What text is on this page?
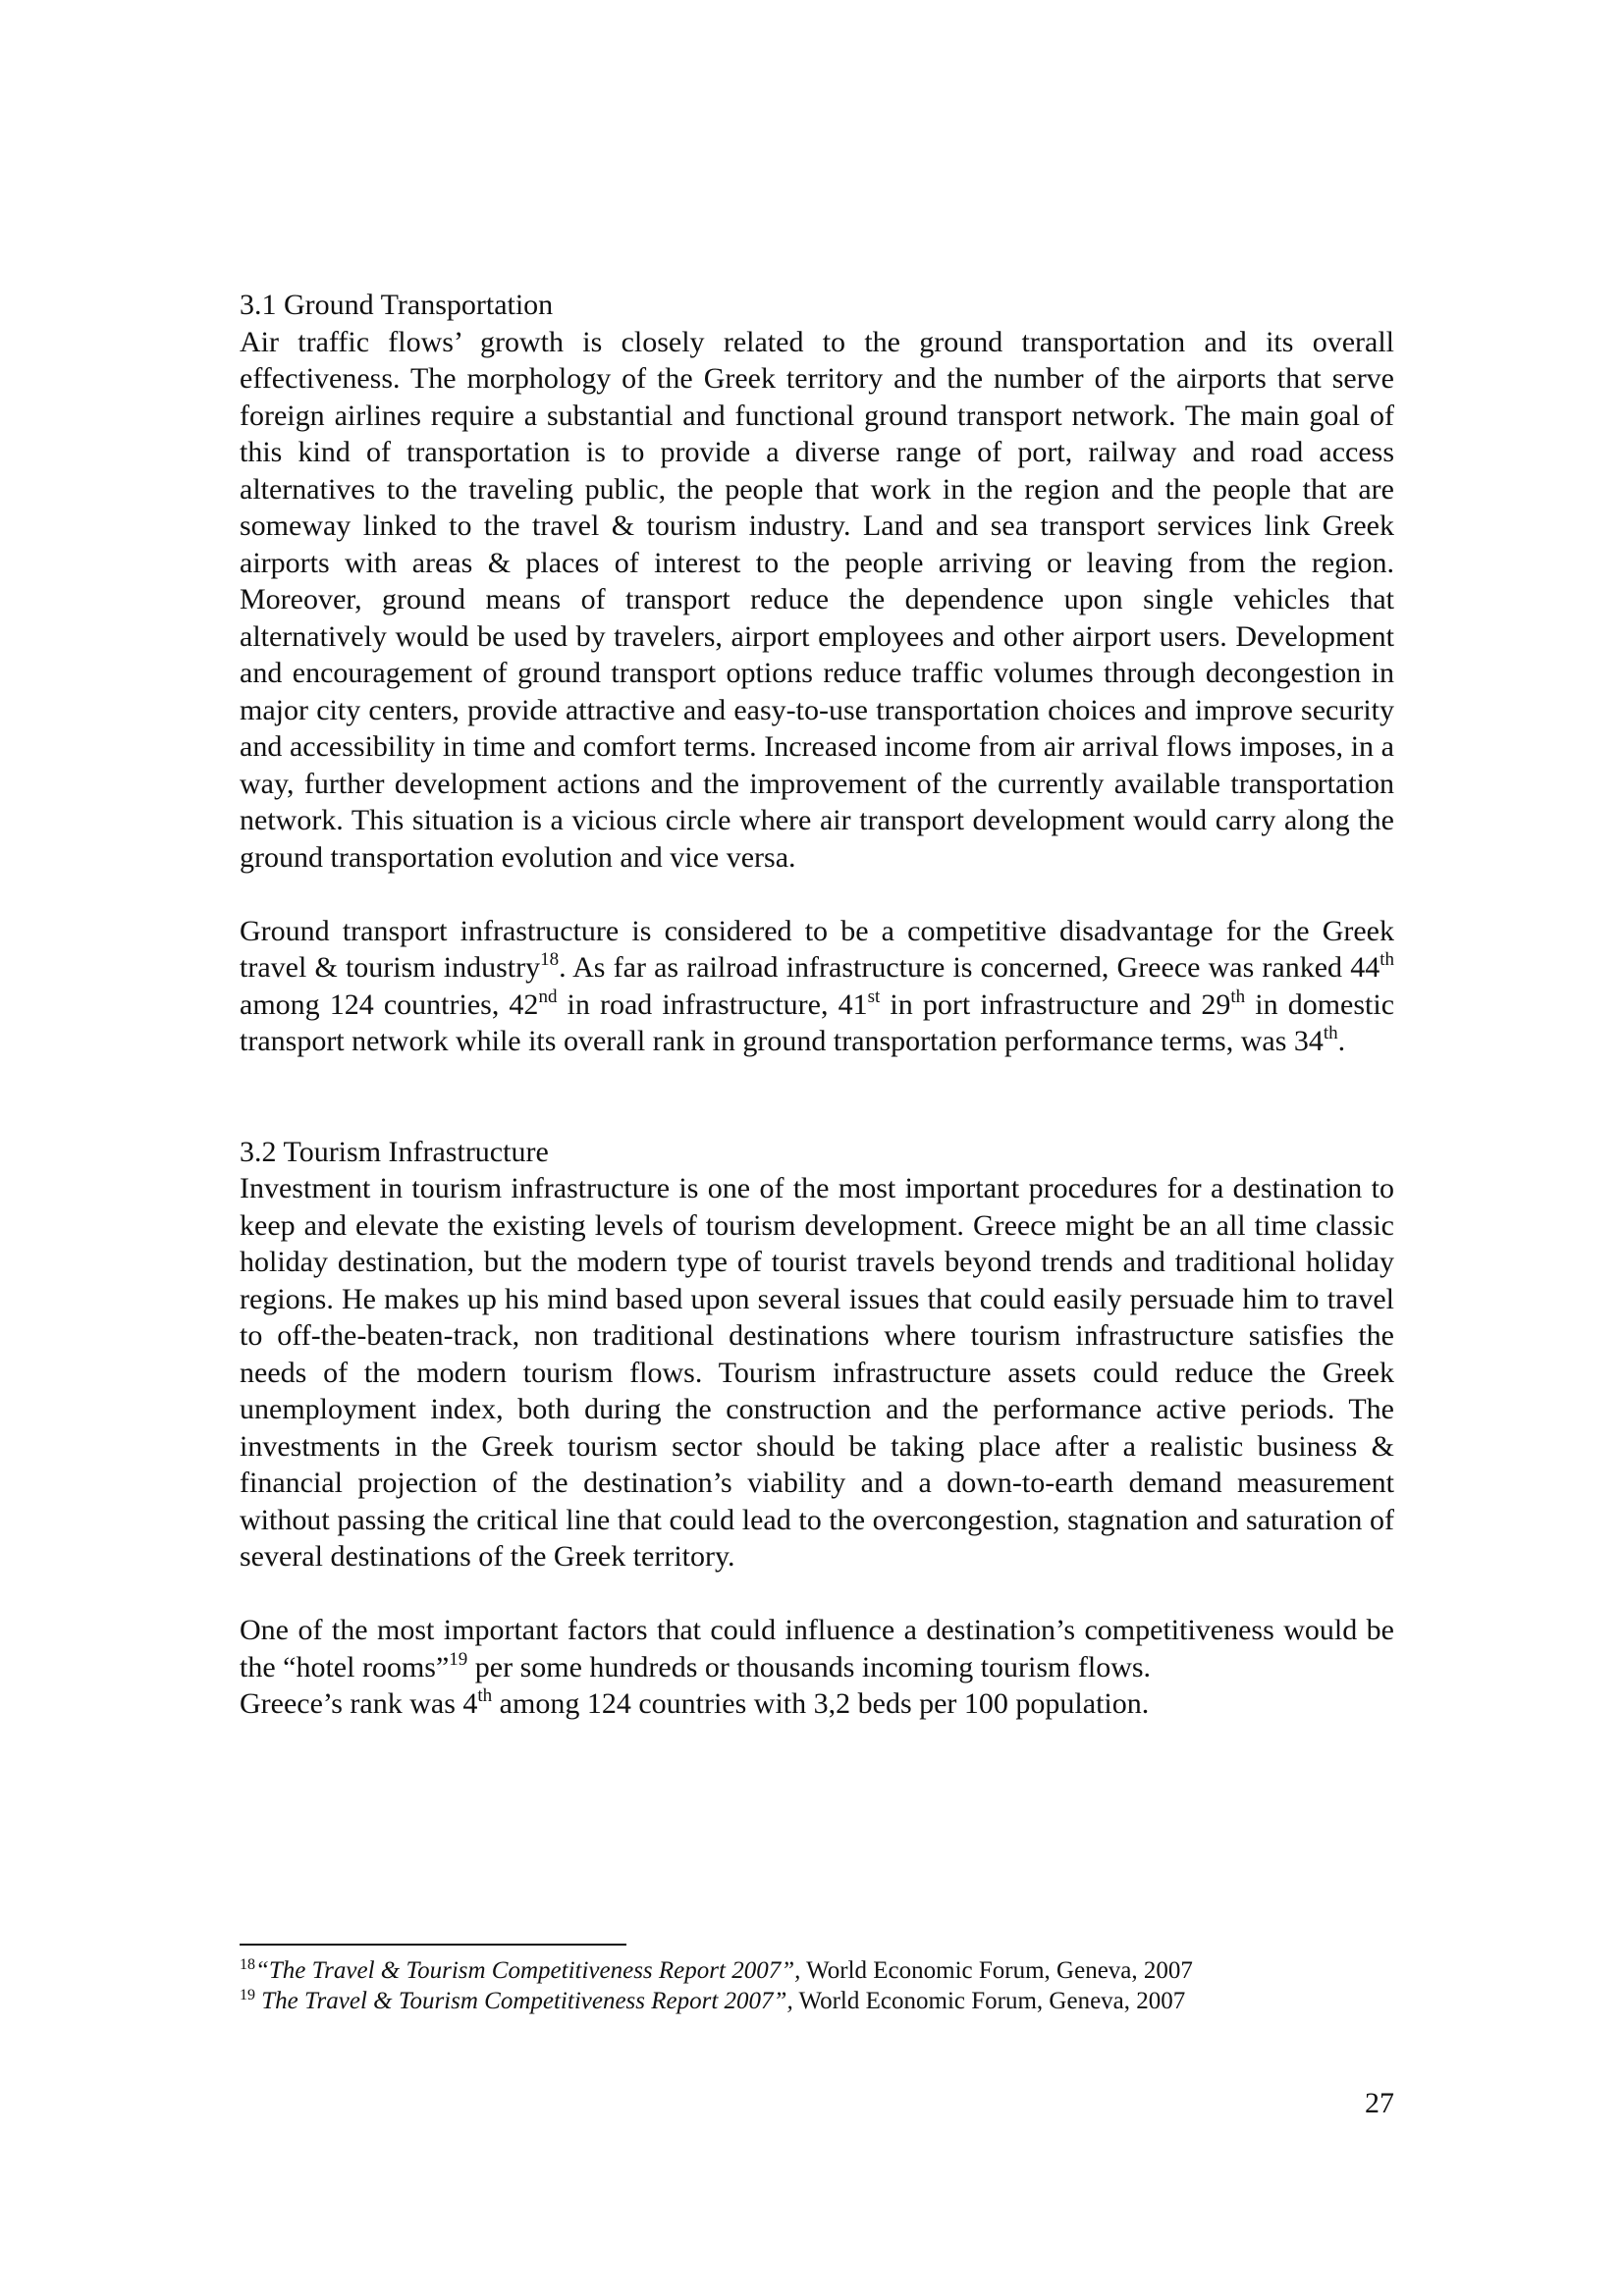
3.1 Ground Transportation

Air traffic flows’ growth is closely related to the ground transportation and its overall effectiveness. The morphology of the Greek territory and the number of the airports that serve foreign airlines require a substantial and functional ground transport network. The main goal of this kind of transportation is to provide a diverse range of port, railway and road access alternatives to the traveling public, the people that work in the region and the people that are someway linked to the travel & tourism industry. Land and sea transport services link Greek airports with areas & places of interest to the people arriving or leaving from the region. Moreover, ground means of transport reduce the dependence upon single vehicles that alternatively would be used by travelers, airport employees and other airport users. Development and encouragement of ground transport options reduce traffic volumes through decongestion in major city centers, provide attractive and easy-to-use transportation choices and improve security and accessibility in time and comfort terms. Increased income from air arrival flows imposes, in a way, further development actions and the improvement of the currently available transportation network. This situation is a vicious circle where air transport development would carry along the ground transportation evolution and vice versa.

Ground transport infrastructure is considered to be a competitive disadvantage for the Greek travel & tourism industry$^{18}$. As far as railroad infrastructure is concerned, Greece was ranked 44th among 124 countries, 42nd in road infrastructure, 41st in port infrastructure and 29th in domestic transport network while its overall rank in ground transportation performance terms, was 34th.

3.2 Tourism Infrastructure

Investment in tourism infrastructure is one of the most important procedures for a destination to keep and elevate the existing levels of tourism development. Greece might be an all time classic holiday destination, but the modern type of tourist travels beyond trends and traditional holiday regions. He makes up his mind based upon several issues that could easily persuade him to travel to off-the-beaten-track, non traditional destinations where tourism infrastructure satisfies the needs of the modern tourism flows. Tourism infrastructure assets could reduce the Greek unemployment index, both during the construction and the performance active periods. The investments in the Greek tourism sector should be taking place after a realistic business & financial projection of the destination’s viability and a down-to-earth demand measurement without passing the critical line that could lead to the overcongestion, stagnation and saturation of several destinations of the Greek territory.

One of the most important factors that could influence a destination’s competitiveness would be the “hotel rooms”$^{19}$ per some hundreds or thousands incoming tourism flows.
Greece’s rank was 4th among 124 countries with 3,2 beds per 100 population.

$^{18}$“The Travel & Tourism Competitiveness Report 2007”, World Economic Forum, Geneva, 2007

$^{19}$ The Travel & Tourism Competitiveness Report 2007”, World Economic Forum, Geneva, 2007

27
